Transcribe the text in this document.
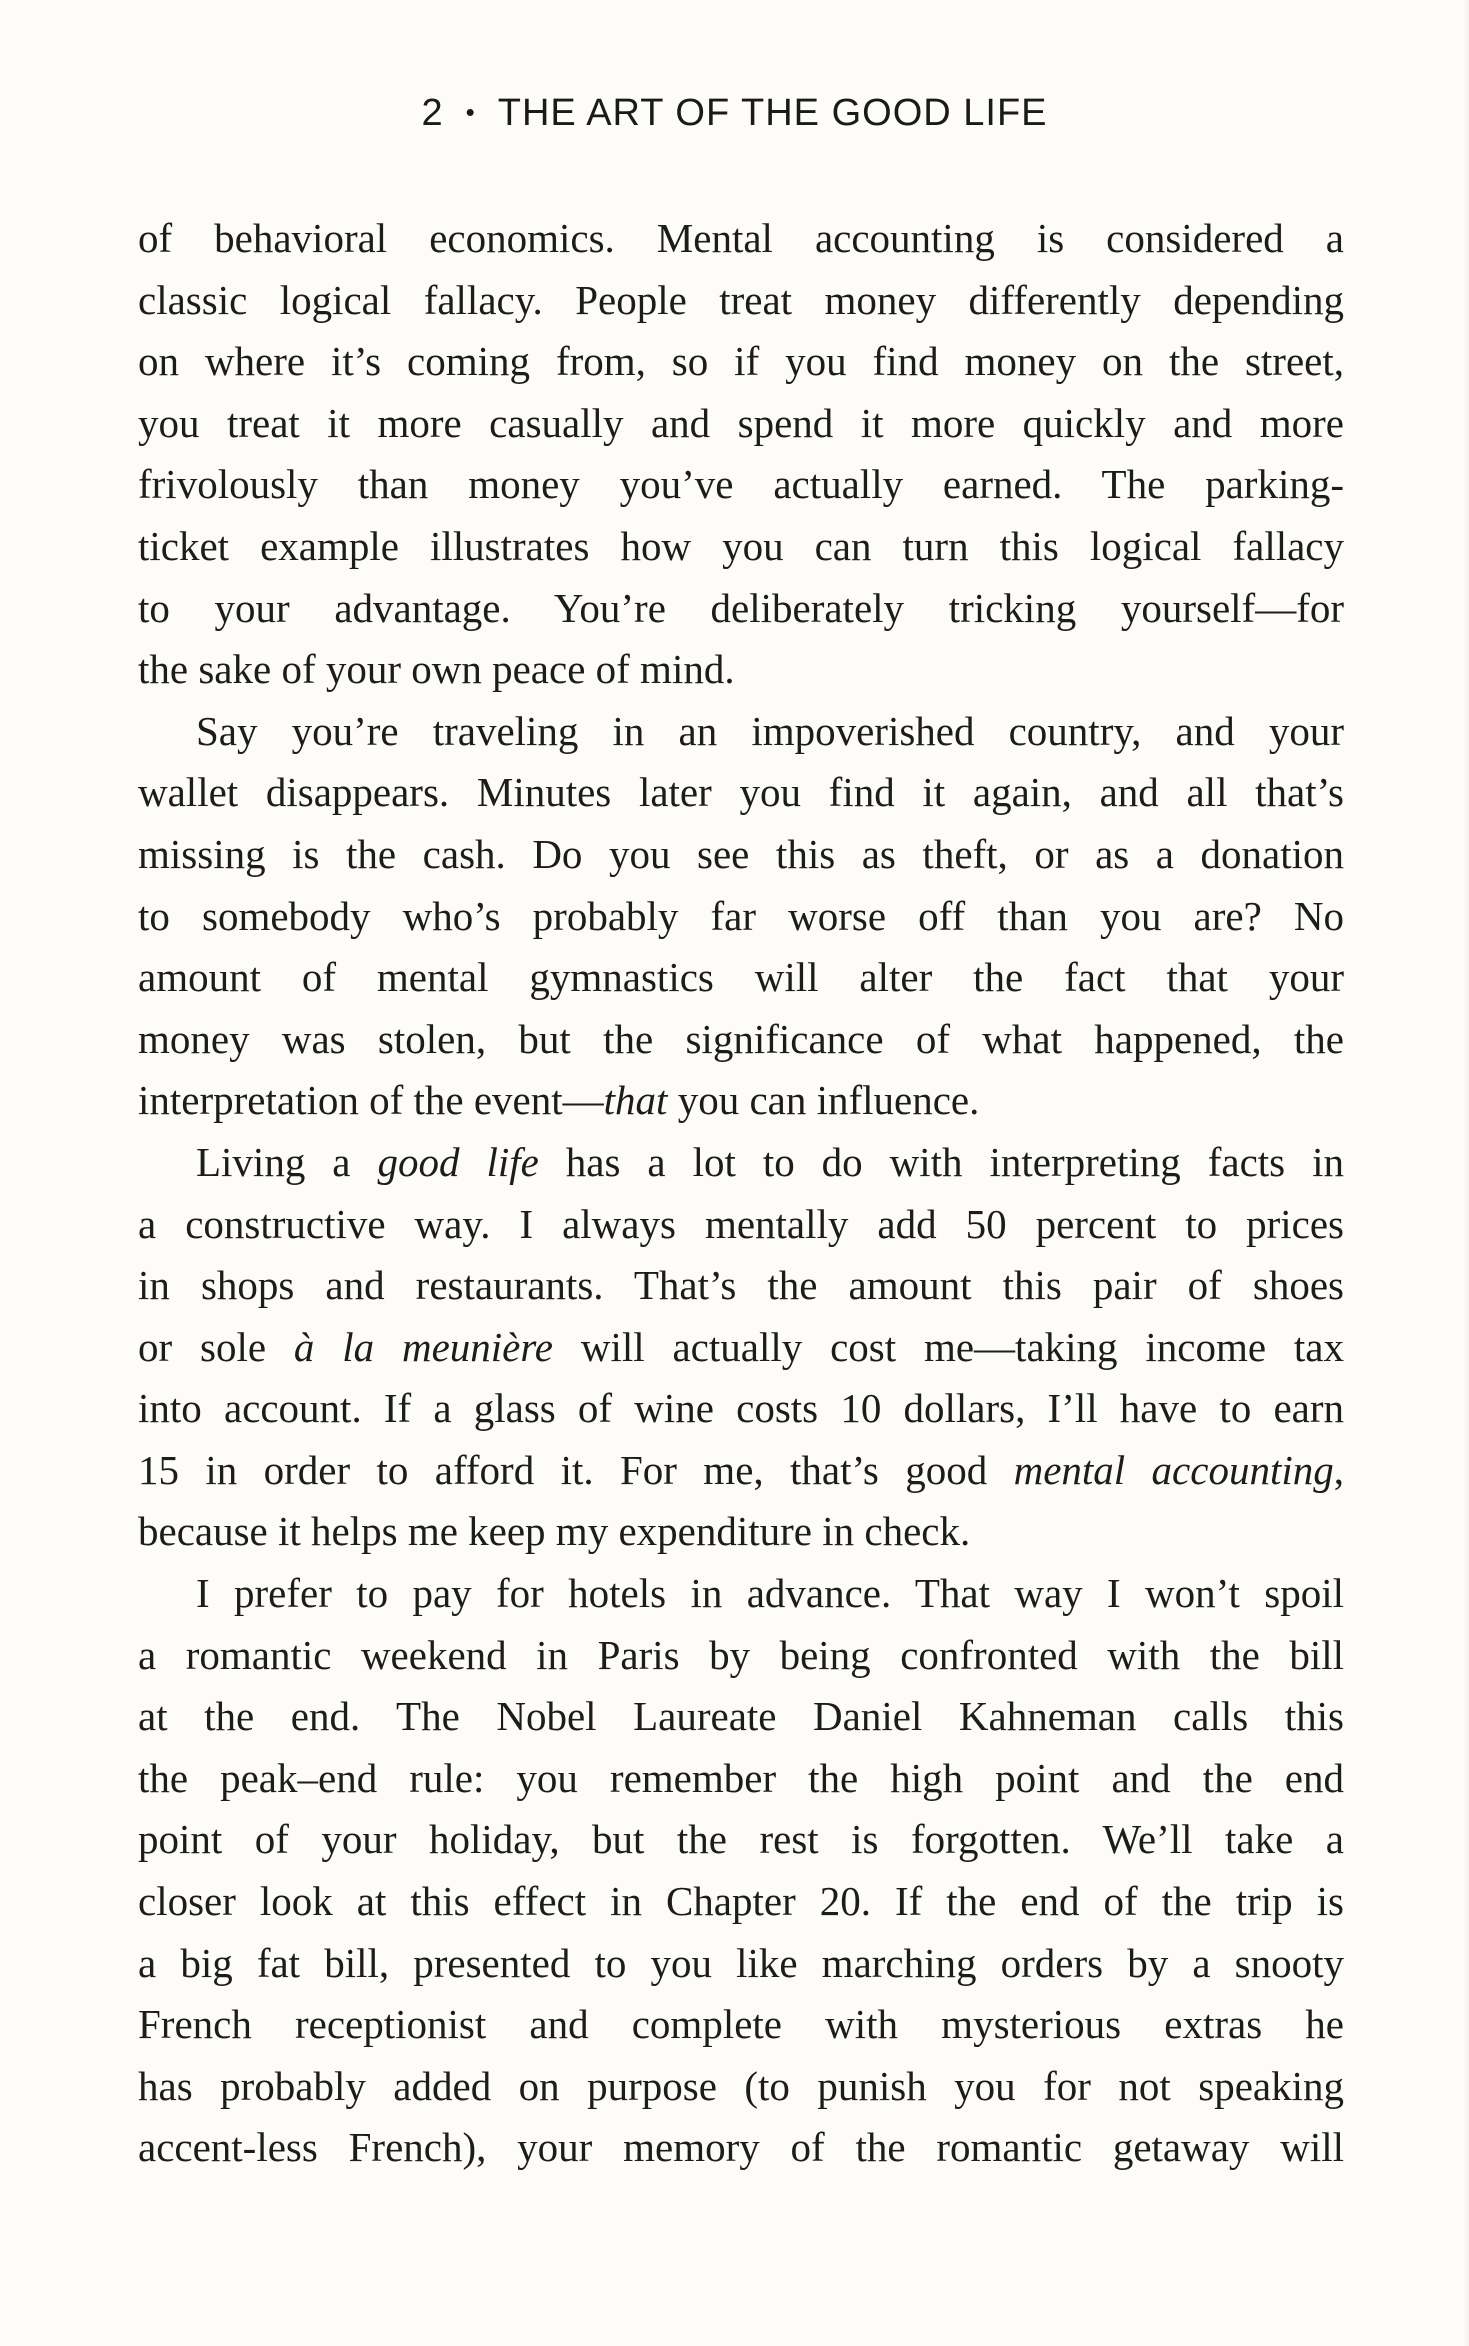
2 • THE ART OF THE GOOD LIFE

of behavioral economics. Mental accounting is considered a
classic logical fallacy. People treat money differently depending
on where it’s coming from, so if you find money on the street,
you treat it more casually and spend it more quickly and more
frivolously than money you’ve actually earned. The parking-
ticket example illustrates how you can turn this logical fallacy
to your advantage. You’re deliberately tricking yourself—for
the sake of your own peace of mind.

Say you’re traveling in an impoverished country, and your
wallet disappears. Minutes later you find it again, and all that’s
missing is the cash. Do you see this as theft, or as a donation
to somebody who’s probably far worse off than you are? No
amount of mental gymnastics will alter the fact that your
money was stolen, but the significance of what happened, the
interpretation of the event—that you can influence.

Living a good life has a lot to do with interpreting facts in
a constructive way. I always mentally add 50 percent to prices
in shops and restaurants. That’s the amount this pair of shoes
or sole à la meunière will actually cost me—taking income tax
into account. If a glass of wine costs 10 dollars, I’ll have to earn
15 in order to afford it. For me, that’s good mental accounting,
because it helps me keep my expenditure in check.

I prefer to pay for hotels in advance. That way I won’t spoil
a romantic weekend in Paris by being confronted with the bill
at the end. The Nobel Laureate Daniel Kahneman calls this
the peak–end rule: you remember the high point and the end
point of your holiday, but the rest is forgotten. We’ll take a
closer look at this effect in Chapter 20. If the end of the trip is
a big fat bill, presented to you like marching orders by a snooty
French receptionist and complete with mysterious extras he
has probably added on purpose (to punish you for not speaking
accent-less French), your memory of the romantic getaway will
